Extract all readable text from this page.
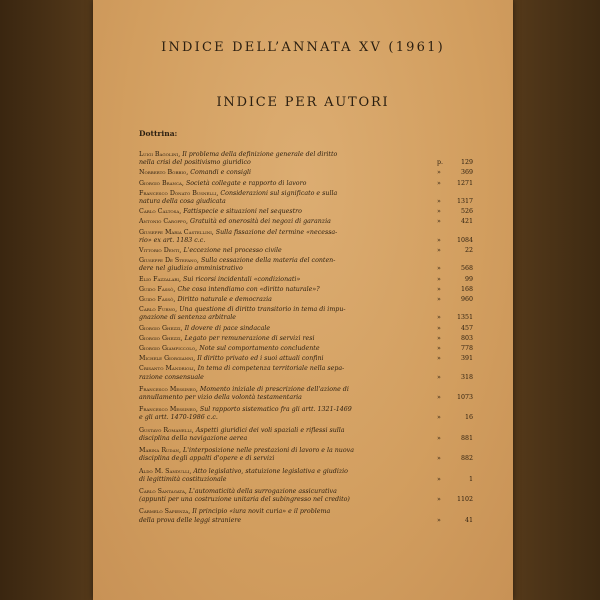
INDICE DELL’ANNATA XV (1961)
INDICE PER AUTORI
Dottrina:
Luigi Bagolini, Il problema della definizione generale del diritto
nella crisi del positivismo giuridico	p.	129
Norberto Bobbio, Comandi e consigli	»	369
Giorgio Branca, Società collegate e rapporto di lavoro	»	1271
Francesco Donato Busnelli, Considerazioni sul significato e sulla
natura della cosa giudicata	»	1317
Carlo Caltosa, Fattispecie e situazioni nel sequestro	»	526
Antonio Caroppo, Gratuità ed onerosità dei negozi di garanzia	»	421
Giuseppe Maria Castellini, Sulla fissazione del termine «necessa-
rio» ex art. 1183 c.c.	»	1084
Vittorio Denti, L'eccezione nel processo civile	»	22
Giuseppe De Stefano, Sulla cessazione della materia del conten-
dere nel giudizio amministrativo	»	568
Elio Fazzalari, Sui ricorsi incidentali «condizionati»	»	99
Guido Fassò, Che cosa intendiamo con «diritto naturale»?	»	168
Guido Fassò, Diritto naturale e democrazia	»	960
Carlo Furno, Una questione di diritto transitorio in tema di impu-
gnazione di sentenza arbitrale	»	1351
Giorgio Ghezzi, Il dovere di pace sindacale	»	457
Giorgio Ghezzi, Legato per remunerazione di servizi resi	»	803
Giorgio Giampiccolo, Note sul comportamento concludente	»	778
Michele Giorgianni, Il diritto privato ed i suoi attuali confini	»	391
Crisanto Mandrioli, In tema di competenza territoriale nella sepa-
razione consensuale	»	318
Francesco Messineo, Momento iniziale di prescrizione dell'azione di
annullamento per vizio della volontà testamentaria	»	1073
Francesco Messineo, Sul rapporto sistematico fra gli artt. 1321-1469
e gli artt. 1470-1986 c.c.	»	16
Gustavo Romanelli, Aspetti giuridici dei voli spaziali e riflessi sulla
disciplina della navigazione aerea	»	881
Marina Rudan, L'interposizione nelle prestazioni di lavoro e la nuova
disciplina degli appalti d'opere e di servizi	»	882
Aldo M. Sandulli, Atto legislativo, statuizione legislativa e giudizio
di legittimità costituzionale	»	1
Carlo Santagata, L'automaticità della surrogazione assicurativa
(appunti per una costruzione unitaria del subingresso nel credito)	»	1102
Carmelo Sapienza, Il principio «iura novit curia» e il problema
della prova delle leggi straniere	»	41
